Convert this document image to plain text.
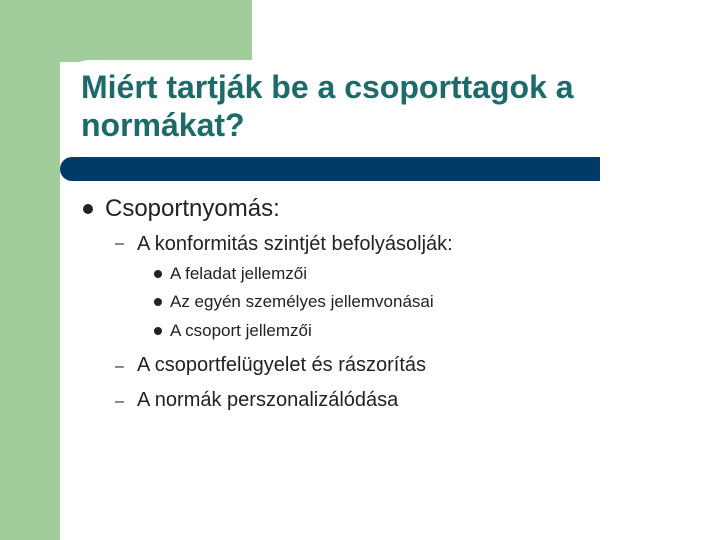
Miért tartják be a csoporttagok a normákat?
Csoportnyomás:
– A konformitás szintjét befolyásolják:
A feladat jellemzői
Az egyén személyes jellemvonásai
A csoport jellemzői
– A csoportfelügyelet és rászorítás
– A normák perszonalizálódása
